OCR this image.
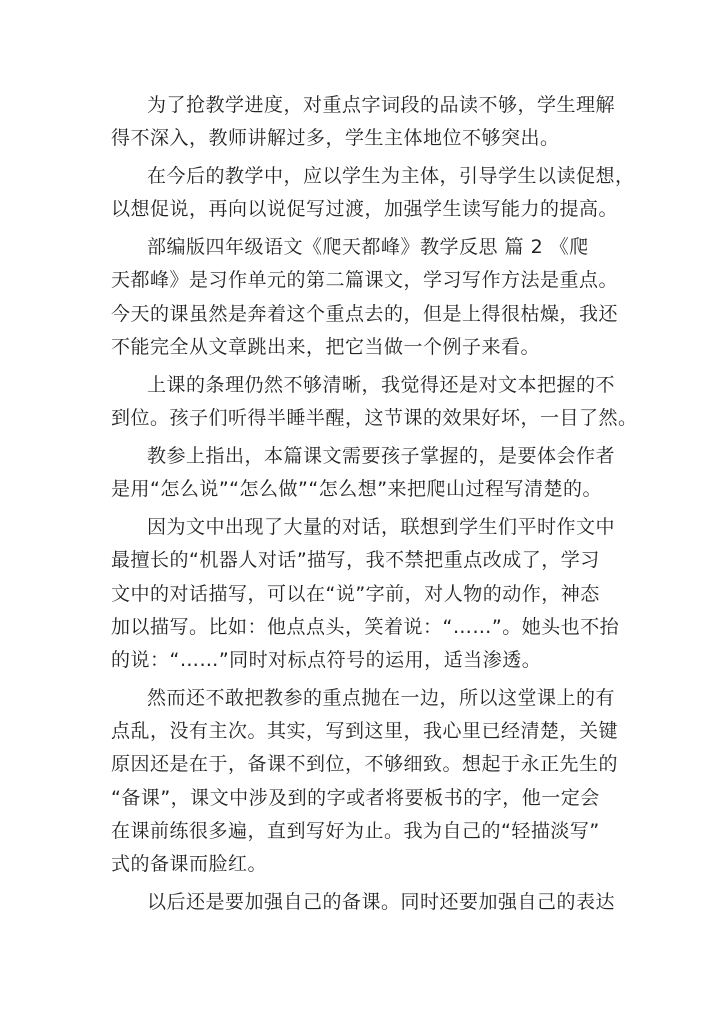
为了抢教学进度，对重点字词段的品读不够，学生理解
得不深入，教师讲解过多，学生主体地位不够突出。
在今后的教学中，应以学生为主体，引导学生以读促想，
以想促说，再向以说促写过渡，加强学生读写能力的提高。
部编版四年级语文《爬天都峰》教学反思 篇 2 《爬
天都峰》是习作单元的第二篇课文，学习写作方法是重点。
今天的课虽然是奔着这个重点去的，但是上得很枯燥，我还
不能完全从文章跳出来，把它当做一个例子来看。
上课的条理仍然不够清晰，我觉得还是对文本把握的不
到位。孩子们听得半睡半醒，这节课的效果好坏，一目了然。
教参上指出，本篇课文需要孩子掌握的，是要体会作者
是用“怎么说”“怎么做”“怎么想”来把爬山过程写清楚的。
因为文中出现了大量的对话，联想到学生们平时作文中
最擅长的“机器人对话”描写，我不禁把重点改成了，学习
文中的对话描写，可以在“说”字前，对人物的动作，神态
加以描写。比如：他点点头，笑着说：“……”。她头也不抬
的说：“……”同时对标点符号的运用，适当渗透。
然而还不敢把教参的重点抛在一边，所以这堂课上的有
点乱，没有主次。其实，写到这里，我心里已经清楚，关键
原因还是在于，备课不到位，不够细致。想起于永正先生的
“备课”，课文中涉及到的字或者将要板书的字，他一定会
在课前练很多遍，直到写好为止。我为自己的“轻描淡写”
式的备课而脸红。
以后还是要加强自己的备课。同时还要加强自己的表达
